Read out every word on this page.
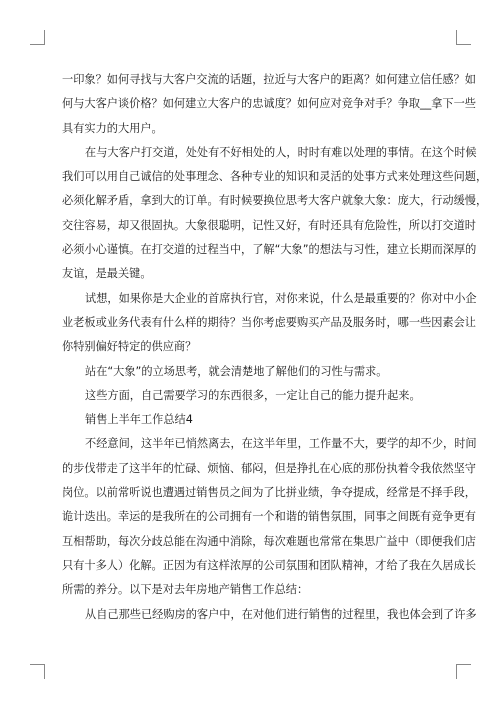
一印象？如何寻找与大客户交流的话题，拉近与大客户的距离？如何建立信任感？如
何与大客户谈价格？如何建立大客户的忠诚度？如何应对竞争对手？争取__拿下一些
具有实力的大用户。
在与大客户打交道，处处有不好相处的人，时时有难以处理的事情。在这个时候
我们可以用自己诚信的处事理念、各种专业的知识和灵活的处事方式来处理这些问题，
必须化解矛盾，拿到大的订单。有时候要换位思考大客户就象大象：庞大，行动缓慢，
交往容易，却又很固执。大象很聪明，记性又好，有时还具有危险性，所以打交道时
必须小心谨慎。在打交道的过程当中，了解“大象”的想法与习性，建立长期而深厚的
友谊，是最关键。
试想，如果你是大企业的首席执行官，对你来说，什么是最重要的？你对中小企
业老板或业务代表有什么样的期待？当你考虑要购买产品及服务时，哪一些因素会让
你特别偏好特定的供应商？
站在“大象”的立场思考，就会清楚地了解他们的习性与需求。
这些方面，自己需要学习的东西很多，一定让自己的能力提升起来。
销售上半年工作总结4
不经意间，这半年已悄然离去，在这半年里，工作量不大，要学的却不少，时间
的步伐带走了这半年的忙碌、烦恼、郁闷，但是挣扎在心底的那份执着令我依然坚守
岗位。以前常听说也遭遇过销售员之间为了比拼业绩，争夺提成，经常是不择手段，
诡计迭出。幸运的是我所在的公司拥有一个和谐的销售氛围，同事之间既有竞争更有
互相帮助，每次分歧总能在沟通中消除，每次难题也常常在集思广益中（即便我们店
只有十多人）化解。正因为有这样浓厚的公司氛围和团队精神，才给了我在久居成长
所需的养分。以下是对去年房地产销售工作总结：
从自己那些已经购房的客户中，在对他们进行销售的过程里，我也体会到了许多
